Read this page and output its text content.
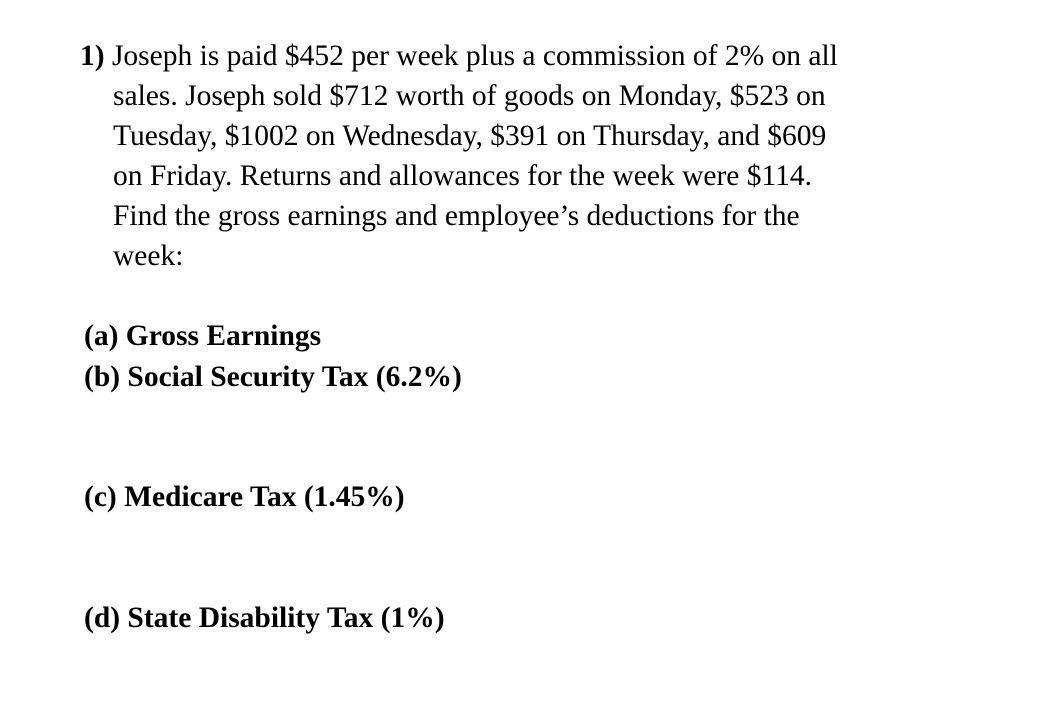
1) Joseph is paid $452 per week plus a commission of 2% on all
sales. Joseph sold $712 worth of goods on Monday, $523 on
Tuesday, $1002 on Wednesday, $391 on Thursday, and $609
on Friday. Returns and allowances for the week were $114.
Find the gross earnings and employee’s deductions for the
week:
(a) Gross Earnings
(b) Social Security Tax (6.2%)
(c) Medicare Tax (1.45%)
(d) State Disability Tax (1%)
